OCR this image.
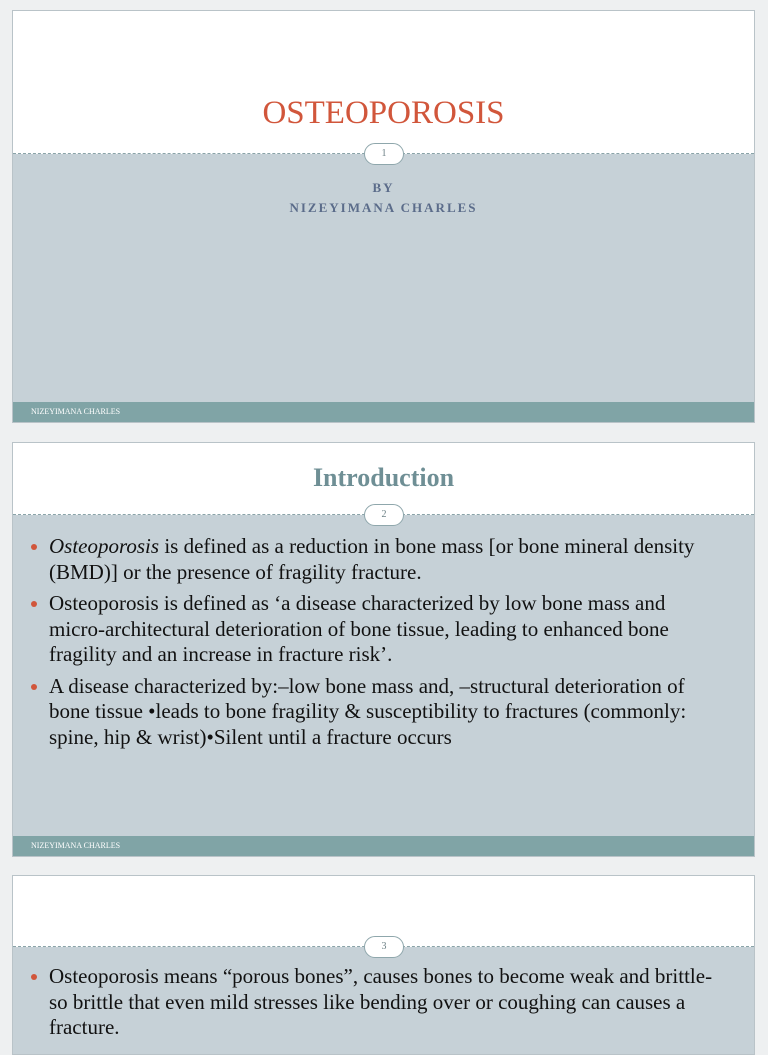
OSTEOPOROSIS
1
BY
NIZEYIMANA CHARLES
NIZEYIMANA CHARLES
Introduction
2
Osteoporosis is defined as a reduction in bone mass [or bone mineral density (BMD)] or the presence of fragility fracture.
Osteoporosis is defined as ‘a disease characterized by low bone mass and micro-architectural deterioration of bone tissue, leading to enhanced bone fragility and an increase in fracture risk’.
A disease characterized by:–low bone mass and, –structural deterioration of bone tissue •leads to bone fragility & susceptibility to fractures (commonly: spine, hip & wrist)•Silent until a fracture occurs
NIZEYIMANA CHARLES
3
Osteoporosis means “porous bones”, causes bones to become weak and brittle-so brittle that even mild stresses like bending over or coughing can causes a fracture.
